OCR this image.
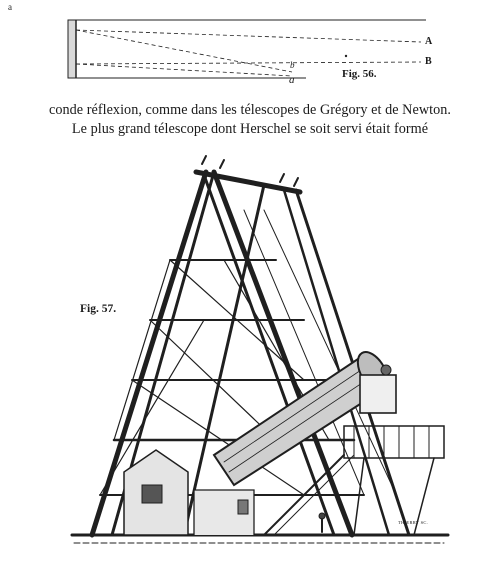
a
A
B
b
a	Fig. 56.
conde réflexion, comme dans les télescopes de Grégory et de Newton.
Le plus grand télescope dont Herschel se soit servi était formé
Fig. 57.
THIERRY SC.
